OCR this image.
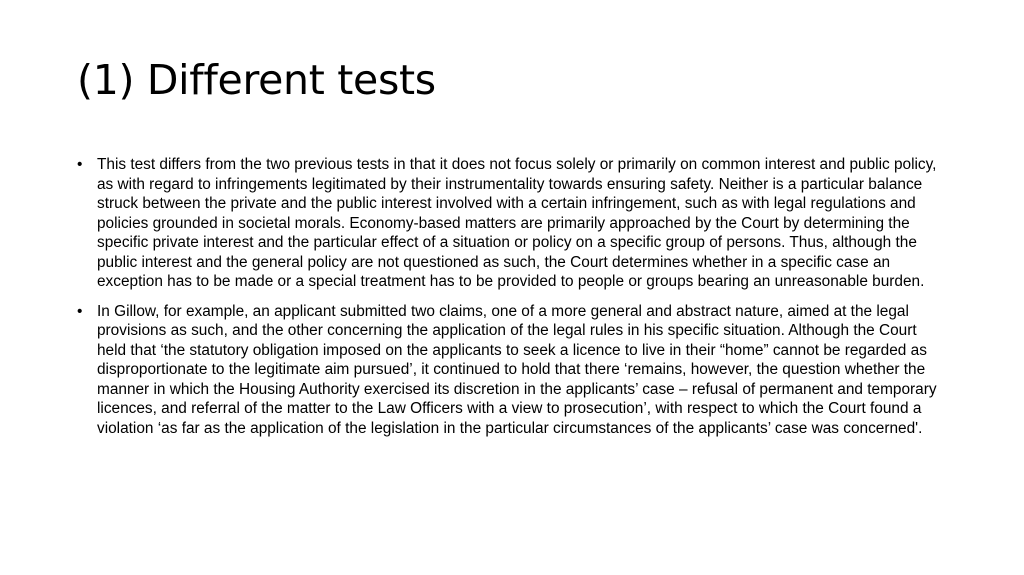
(1) Different tests
• This test differs from the two previous tests in that it does not focus solely or primarily on common interest and public policy, as with regard to infringements legitimated by their instrumentality towards ensuring safety. Neither is a particular balance struck between the private and the public interest involved with a certain infringement, such as with legal regulations and policies grounded in societal morals. Economy-based matters are primarily approached by the Court by determining the specific private interest and the particular effect of a situation or policy on a specific group of persons. Thus, although the public interest and the general policy are not questioned as such, the Court determines whether in a specific case an exception has to be made or a special treatment has to be provided to people or groups bearing an unreasonable burden.
• In Gillow, for example, an applicant submitted two claims, one of a more general and abstract nature, aimed at the legal provisions as such, and the other concerning the application of the legal rules in his specific situation. Although the Court held that ‘the statutory obligation imposed on the applicants to seek a licence to live in their “home” cannot be regarded as disproportionate to the legitimate aim pursued’, it continued to hold that there ‘remains, however, the question whether the manner in which the Housing Authority exercised its discretion in the applicants’ case – refusal of permanent and temporary licences, and referral of the matter to the Law Officers with a view to prosecution’, with respect to which the Court found a violation ‘as far as the application of the legislation in the particular circumstances of the applicants’ case was concerned'.
